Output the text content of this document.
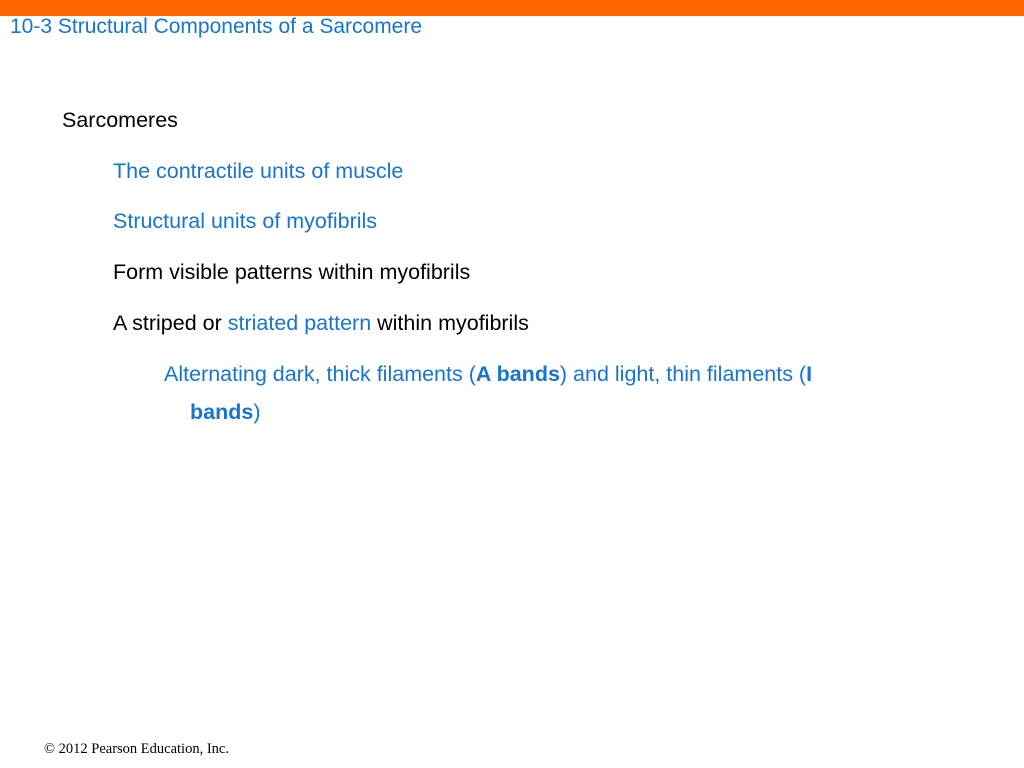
10-3 Structural Components of a Sarcomere
Sarcomeres
The contractile units of muscle
Structural units of myofibrils
Form visible patterns within myofibrils
A striped or striated pattern within myofibrils
Alternating dark, thick filaments (A bands) and light, thin filaments (I
bands)
© 2012 Pearson Education, Inc.
